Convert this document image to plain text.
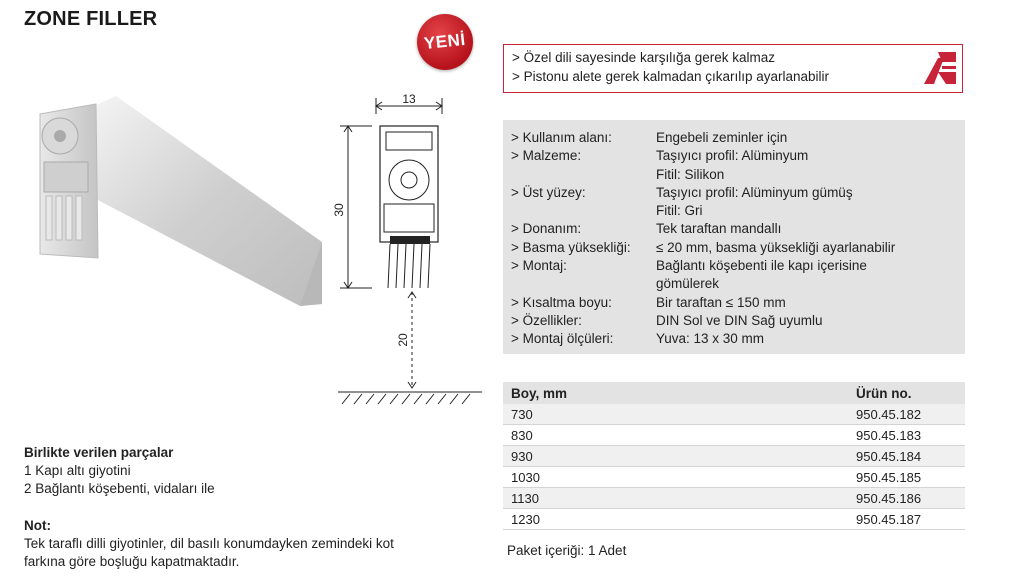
ZONE FILLER
YENİ
> Özel dili sayesinde karşılığa gerek kalmaz
> Pistonu alete gerek kalmadan çıkarılıp ayarlanabilir
13
30
20
> Kullanım alanı:	Engebeli zeminler için
> Malzeme:	Taşıyıcı profil: Alüminyum
Fitil: Silikon
> Üst yüzey:	Taşıyıcı profil: Alüminyum gümüş
Fitil: Gri
> Donanım:	Tek taraftan mandallı
> Basma yüksekliği:	≤ 20 mm, basma yüksekliği ayarlanabilir
> Montaj:	Bağlantı köşebenti ile kapı içerisine
gömülerek
> Kısaltma boyu:	Bir taraftan ≤ 150 mm
> Özellikler:	DIN Sol ve DIN Sağ uyumlu
> Montaj ölçüleri:	Yuva: 13 x 30 mm
Boy, mm	Ürün no.
730	950.45.182
830	950.45.183
930	950.45.184
1030	950.45.185
1130	950.45.186
1230	950.45.187
Paket içeriği: 1 Adet
Birlikte verilen parçalar
1 Kapı altı giyotini
2 Bağlantı köşebenti, vidaları ile
Not:
Tek taraflı dilli giyotinler, dil basılı konumdayken zemindeki kot
farkına göre boşluğu kapatmaktadır.
